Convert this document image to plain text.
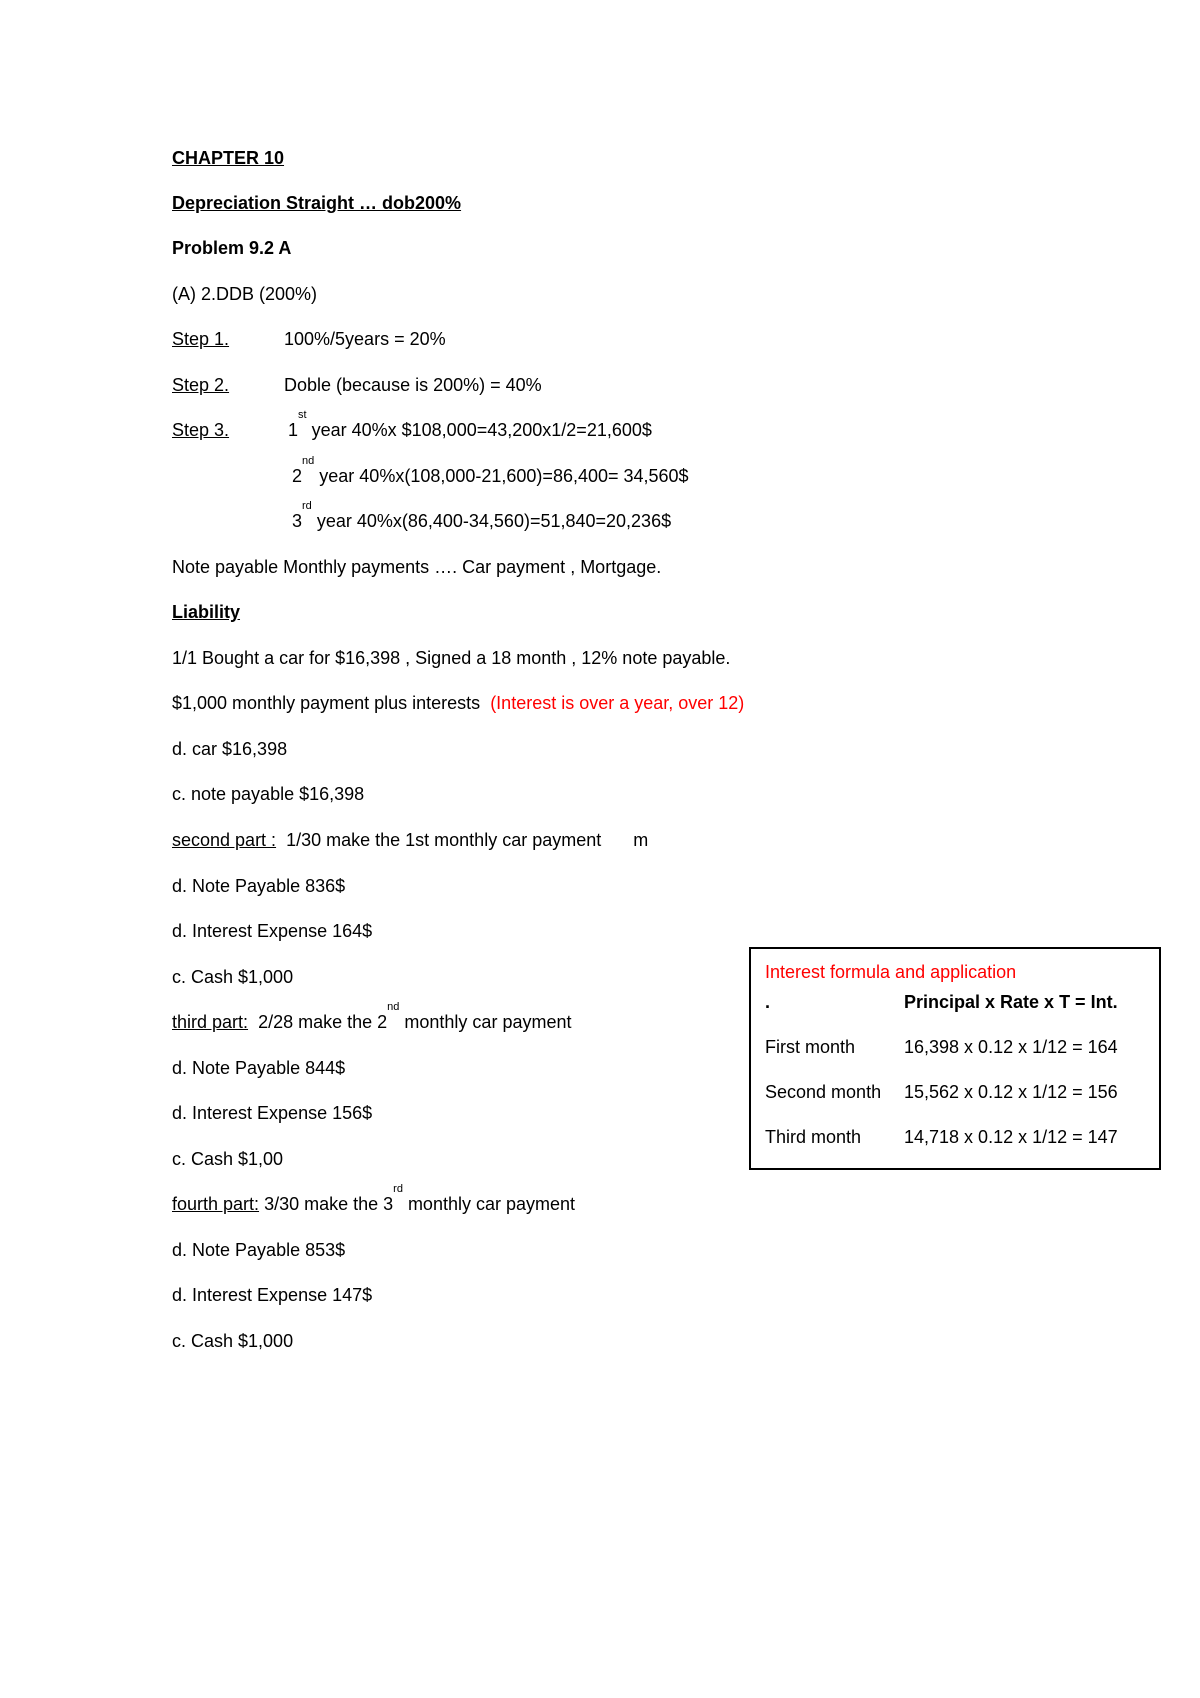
CHAPTER 10
Depreciation Straight … dob200%
Problem 9.2 A
(A) 2.DDB (200%)
Step 1.	100%/5years = 20%
Step 2.	Doble (because is 200%) = 40%
Step 3.	1st year 40%x $108,000=43,200x1/2=21,600$
2nd year 40%x(108,000-21,600)=86,400= 34,560$
3rd year 40%x(86,400-34,560)=51,840=20,236$
Note payable Monthly payments …. Car payment , Mortgage.
Liability
1/1 Bought a car for $16,398 , Signed a 18 month , 12% note payable.
$1,000 monthly payment plus interests (Interest is over a year, over 12)
d. car $16,398
c. note payable $16,398
second part : 1/30 make the 1st monthly car payment m
d. Note Payable 836$
d. Interest Expense 164$
c. Cash $1,000
third part: 2/28 make the 2nd monthly car payment
d. Note Payable 844$
d. Interest Expense 156$
c. Cash $1,00
fourth part: 3/30 make the 3rd monthly car payment
d. Note Payable 853$
d. Interest Expense 147$
c. Cash $1,000
Interest formula and application
.	Principal x Rate x T = Int.
First month	16,398 x 0.12 x 1/12 = 164
Second month 15,562 x 0.12 x 1/12 = 156
Third month 14,718 x 0.12 x 1/12 = 147
